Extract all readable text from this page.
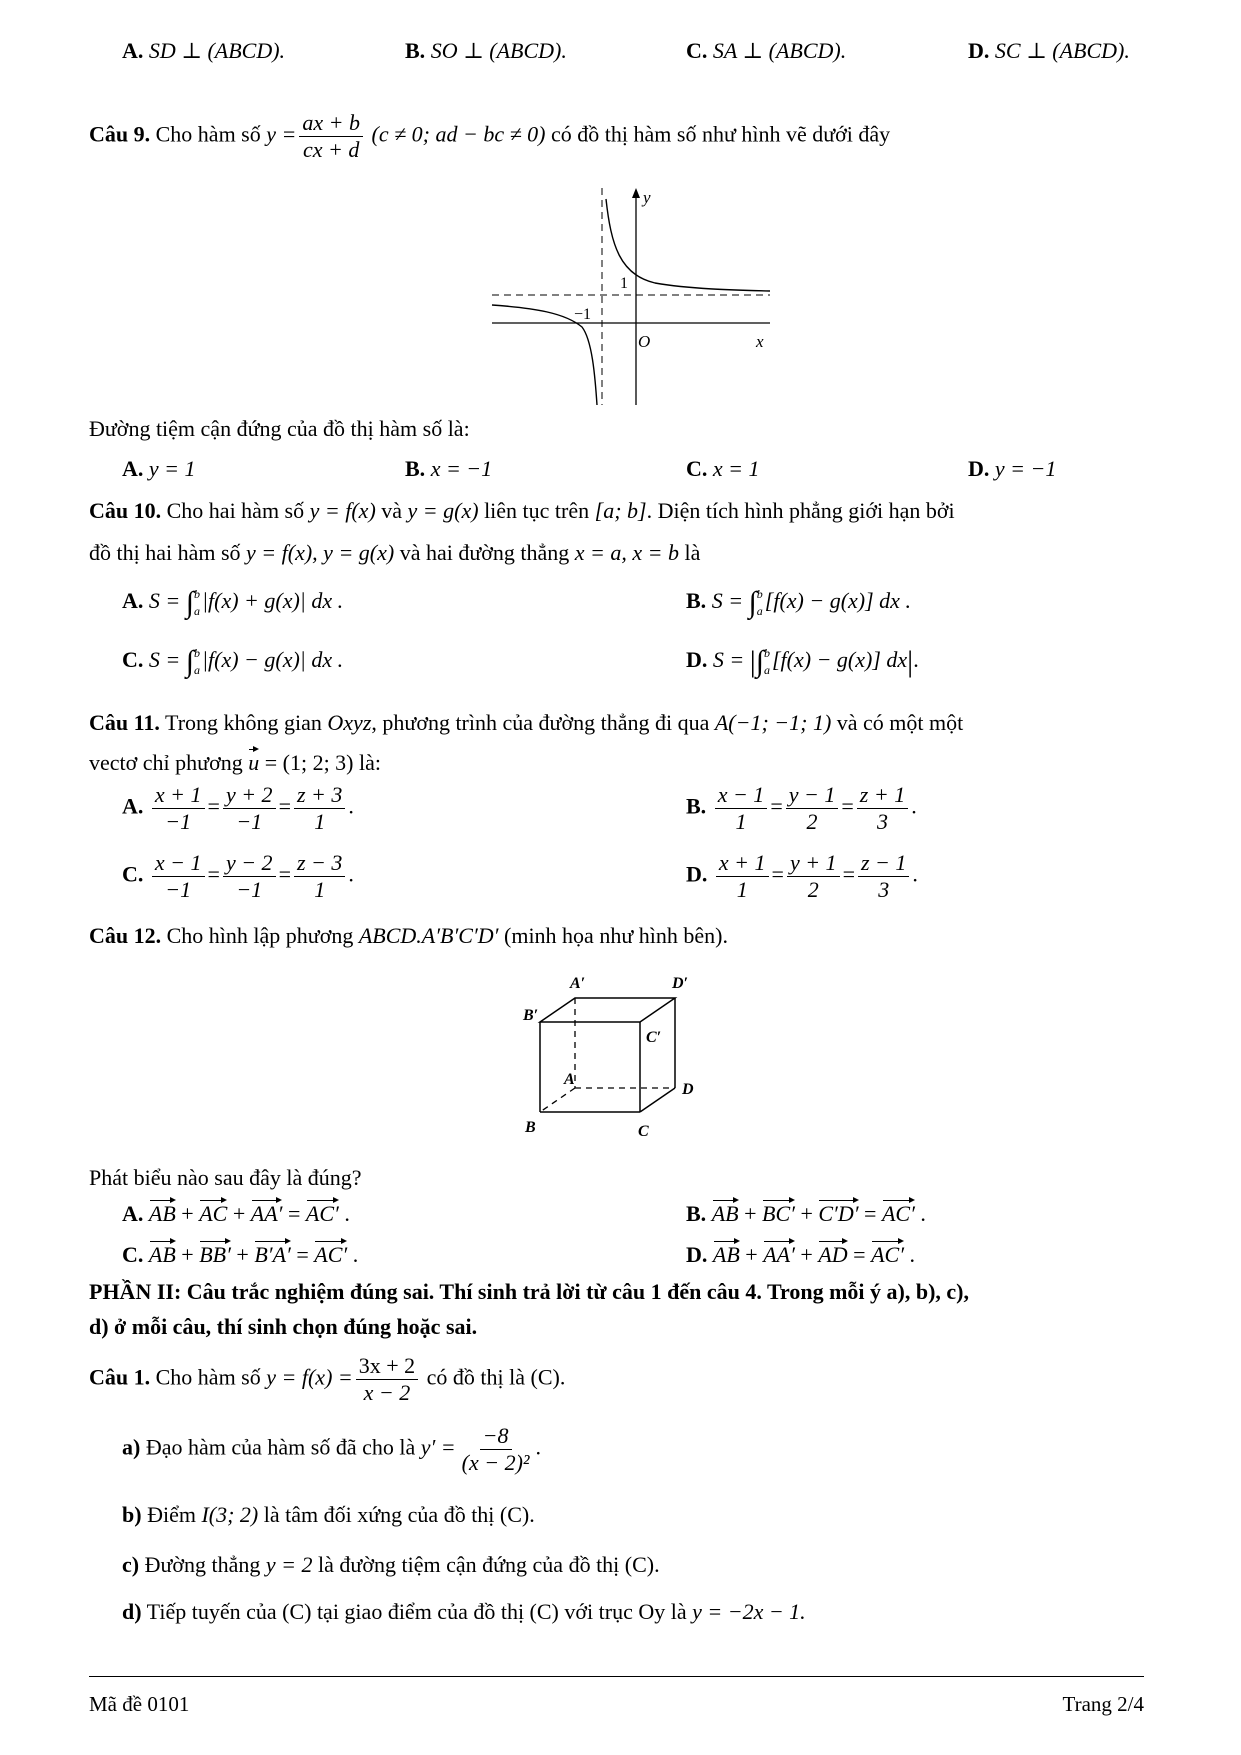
A. SD ⊥ (ABCD).	B. SO ⊥ (ABCD).	C. SA ⊥ (ABCD).	D. SC ⊥ (ABCD).
Câu 9. Cho hàm số $y = \frac{ax + b}{cx + d} (c \ne 0$; ad − bc ≠ 0) có đồ thị hàm số như hình vẽ dưới đây
y
x
O
1
−1
Đường tiệm cận đứng của đồ thị hàm số là:
A. y = 1	B. x = −1	C. x = 1	D. y = −1
Câu 10. Cho hai hàm số y = f(x) và y = g(x) liên tục trên [a; b]. Diện tích hình phẳng giới hạn bởi
đồ thị hai hàm số y = f(x), y = g(x) và hai đường thẳng x = a, x = b là
A. S = ∫ b
a |f(x) + g(x)| dx .	B. S = ∫ b
a [f(x) − g(x)] dx .
C. S = ∫ b
a |f(x) − g(x)| dx .	D. S = |∫ b
a [f(x) − g(x)] dx|.
Câu 11. Trong không gian Oxyz, phương trình của đường thẳng đi qua A(−1; −1; 1) và có một một
vectơ chỉ phương u = (1; 2; 3) là:
A. $\frac{x + 1}{-1} = \frac{y + 2}{-1} = \frac{z + 3}{1}$ .	B. $\frac{x - 1}{1} = \frac{y - 1}{2} = \frac{z + 1}{3}$ .
C. $\frac{x - 1}{-1} = \frac{y - 2}{-1} = \frac{z - 3}{1}$ .	D. $\frac{x + 1}{1} = \frac{y + 1}{2} = \frac{z - 1}{3}$ .
Câu 12. Cho hình lập phương ABCD.A′B′C′D′ (minh họa như hình bên).
A′	D′
B′
C′
A
D
B	C
Phát biểu nào sau đây là đúng?
A. AB + AC + AA′ = AC′ .	B. AB + BC′ + C′D′ = AC′ .
C. AB + BB′ + B′A′ = AC′ .	D. AB + AA′ + AD = AC′ .
PHẦN II: Câu trắc nghiệm đúng sai. Thí sinh trả lời từ câu 1 đến câu 4. Trong mỗi ý a), b), c),
d) ở mỗi câu, thí sinh chọn đúng hoặc sai.
Câu 1. Cho hàm số $y = f(x) = \frac{3x + 2}{x - 2}$ có đồ thị là (C).
a) Đạo hàm của hàm số đã cho là $y' = \frac{-8}{\text{(x − 2)²}}$ .
b) Điểm I(3; 2) là tâm đối xứng của đồ thị (C).
c) Đường thẳng y = 2 là đường tiệm cận đứng của đồ thị (C).
d) Tiếp tuyến của (C) tại giao điểm của đồ thị (C) với trục Oy là y = −2x − 1.
Mã đề 0101	Trang 2/4
